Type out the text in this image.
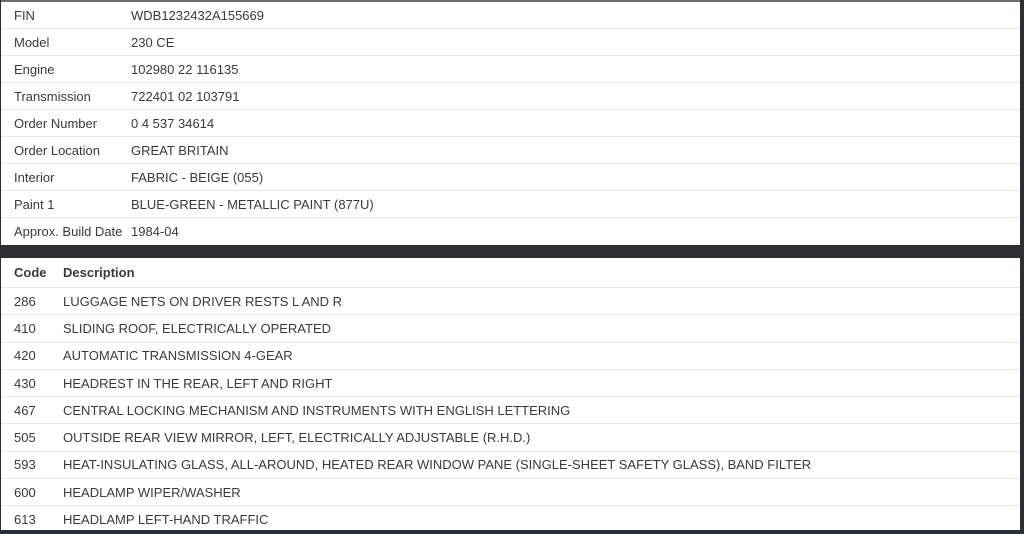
FIN	WDB1232432A155669
Model	230 CE
Engine	102980 22 116135
Transmission	722401 02 103791
Order Number	0 4 537 34614
Order Location	GREAT BRITAIN
Interior	FABRIC - BEIGE (055)
Paint 1	BLUE-GREEN - METALLIC PAINT (877U)
Approx. Build Date	1984-04
Code	Description
286	LUGGAGE NETS ON DRIVER RESTS L AND R
410	SLIDING ROOF, ELECTRICALLY OPERATED
420	AUTOMATIC TRANSMISSION 4-GEAR
430	HEADREST IN THE REAR, LEFT AND RIGHT
467	CENTRAL LOCKING MECHANISM AND INSTRUMENTS WITH ENGLISH LETTERING
505	OUTSIDE REAR VIEW MIRROR, LEFT, ELECTRICALLY ADJUSTABLE (R.H.D.)
593	HEAT-INSULATING GLASS, ALL-AROUND, HEATED REAR WINDOW PANE (SINGLE-SHEET SAFETY GLASS), BAND FILTER
600	HEADLAMP WIPER/WASHER
613	HEADLAMP LEFT-HAND TRAFFIC
